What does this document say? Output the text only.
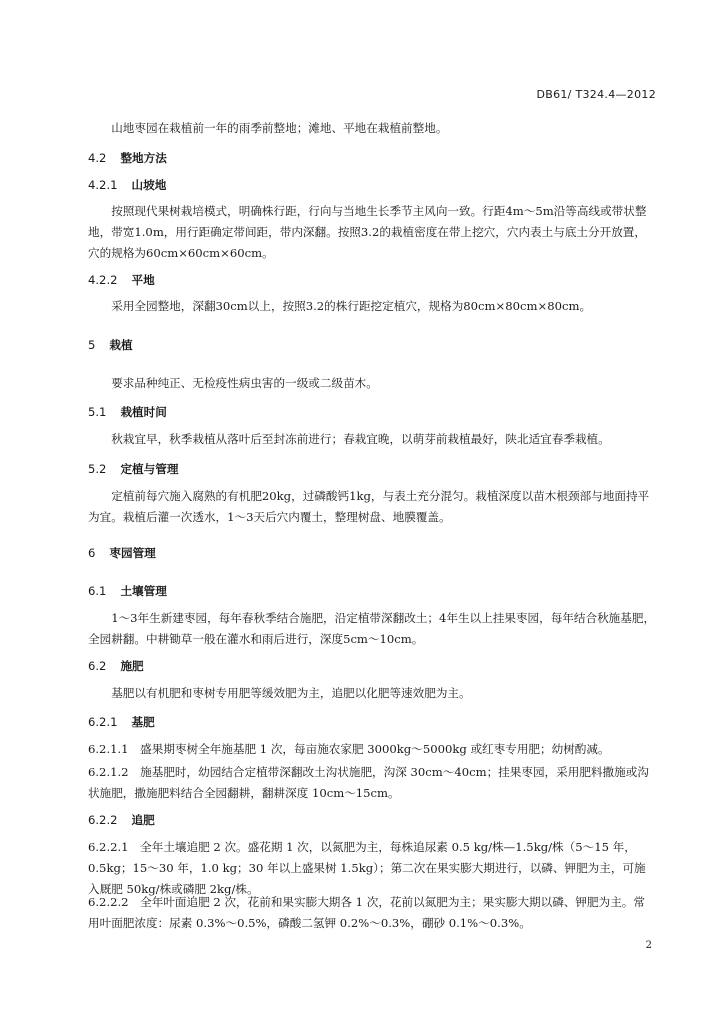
DB61/ T324.4—2012

山地枣园在栽植前一年的雨季前整地；滩地、平地在栽植前整地。

4.2 整地方法
4.2.1 山坡地

按照现代果树栽培模式，明确株行距，行向与当地生长季节主风向一致。行距4m～5m沿等高线或带状整地，带宽1.0m，用行距确定带间距，带内深翻。按照3.2的栽植密度在带上挖穴，穴内表土与底土分开放置，穴的规格为60cm×60cm×60cm。

4.2.2 平地

采用全园整地，深翻30cm以上，按照3.2的株行距挖定植穴，规格为80cm×80cm×80cm。

5 栽植

要求品种纯正、无检疫性病虫害的一级或二级苗木。

5.1 栽植时间

秋栽宜早，秋季栽植从落叶后至封冻前进行；春栽宜晚，以萌芽前栽植最好，陕北适宜春季栽植。

5.2 定植与管理

定植前每穴施入腐熟的有机肥20kg，过磷酸钙1kg，与表土充分混匀。栽植深度以苗木根颈部与地面持平为宜。栽植后灌一次透水，1～3天后穴内覆土，整理树盘、地膜覆盖。

6 枣园管理
6.1 土壤管理

1～3年生新建枣园，每年春秋季结合施肥，沿定植带深翻改土；4年生以上挂果枣园，每年结合秋施基肥，全园耕翻。中耕锄草一般在灌水和雨后进行，深度5cm～10cm。

6.2 施肥

基肥以有机肥和枣树专用肥等缓效肥为主，追肥以化肥等速效肥为主。

6.2.1 基肥

6.2.1.1　盛果期枣树全年施基肥 1 次，每亩施农家肥 3000kg～5000kg 或红枣专用肥；幼树酌减。

6.2.1.2　施基肥时，幼园结合定植带深翻改土沟状施肥，沟深 30cm～40cm；挂果枣园，采用肥料撒施或沟状施肥，撒施肥料结合全园翻耕，翻耕深度 10cm～15cm。

6.2.2 追肥

6.2.2.1　全年土壤追肥 2 次。盛花期 1 次，以氮肥为主，每株追尿素 0.5 kg/株—1.5kg/株（5～15 年，0.5kg；15～30 年，1.0 kg；30 年以上盛果树 1.5kg）；第二次在果实膨大期进行，以磷、钾肥为主，可施入厩肥 50kg/株或磷肥 2kg/株。

6.2.2.2　全年叶面追肥 2 次，花前和果实膨大期各 1 次，花前以氮肥为主；果实膨大期以磷、钾肥为主。常用叶面肥浓度：尿素 0.3%～0.5%，磷酸二氢钾 0.2%～0.3%，硼砂 0.1%～0.3%。

2
